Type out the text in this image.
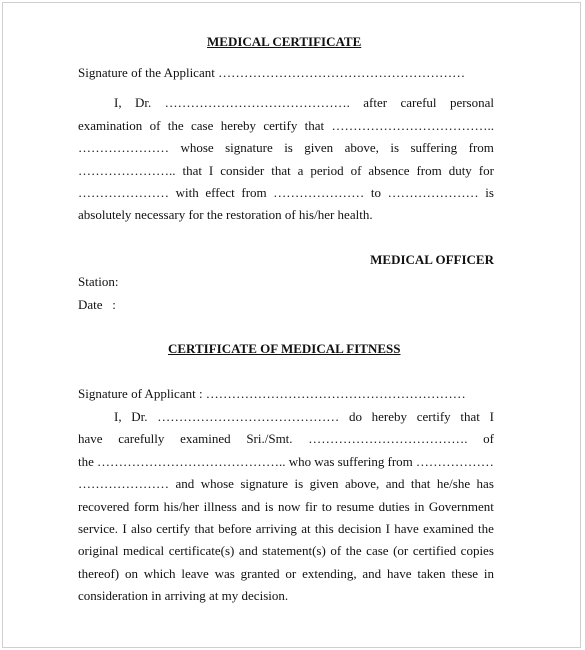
MEDICAL CERTIFICATE
Signature of the Applicant …………………………………………………
I, Dr. ……………………………………. after careful personal
examination of the case hereby certify that ………………………………..
………………… whose signature is given above, is suffering from
………………….. that I consider that a period of absence from duty for
………………… with effect from ………………… to ………………… is
absolutely necessary for the restoration of his/her health.
MEDICAL OFFICER
Station:
Date   :
CERTIFICATE OF MEDICAL FITNESS
Signature of Applicant : ……………………………………………………
I, Dr. …………………………………… do hereby certify that I
have carefully examined Sri./Smt. ………………………………. of
the …………………………………….. who was suffering from ………………
………………… and whose signature is given above, and that he/she has
recovered form his/her illness and is now fir to resume duties in Government
service. I also certify that before arriving at this decision I have examined the
original medical certificate(s) and statement(s) of the case (or certified copies
thereof) on which leave was granted or extending, and have taken these in
consideration in arriving at my decision.
